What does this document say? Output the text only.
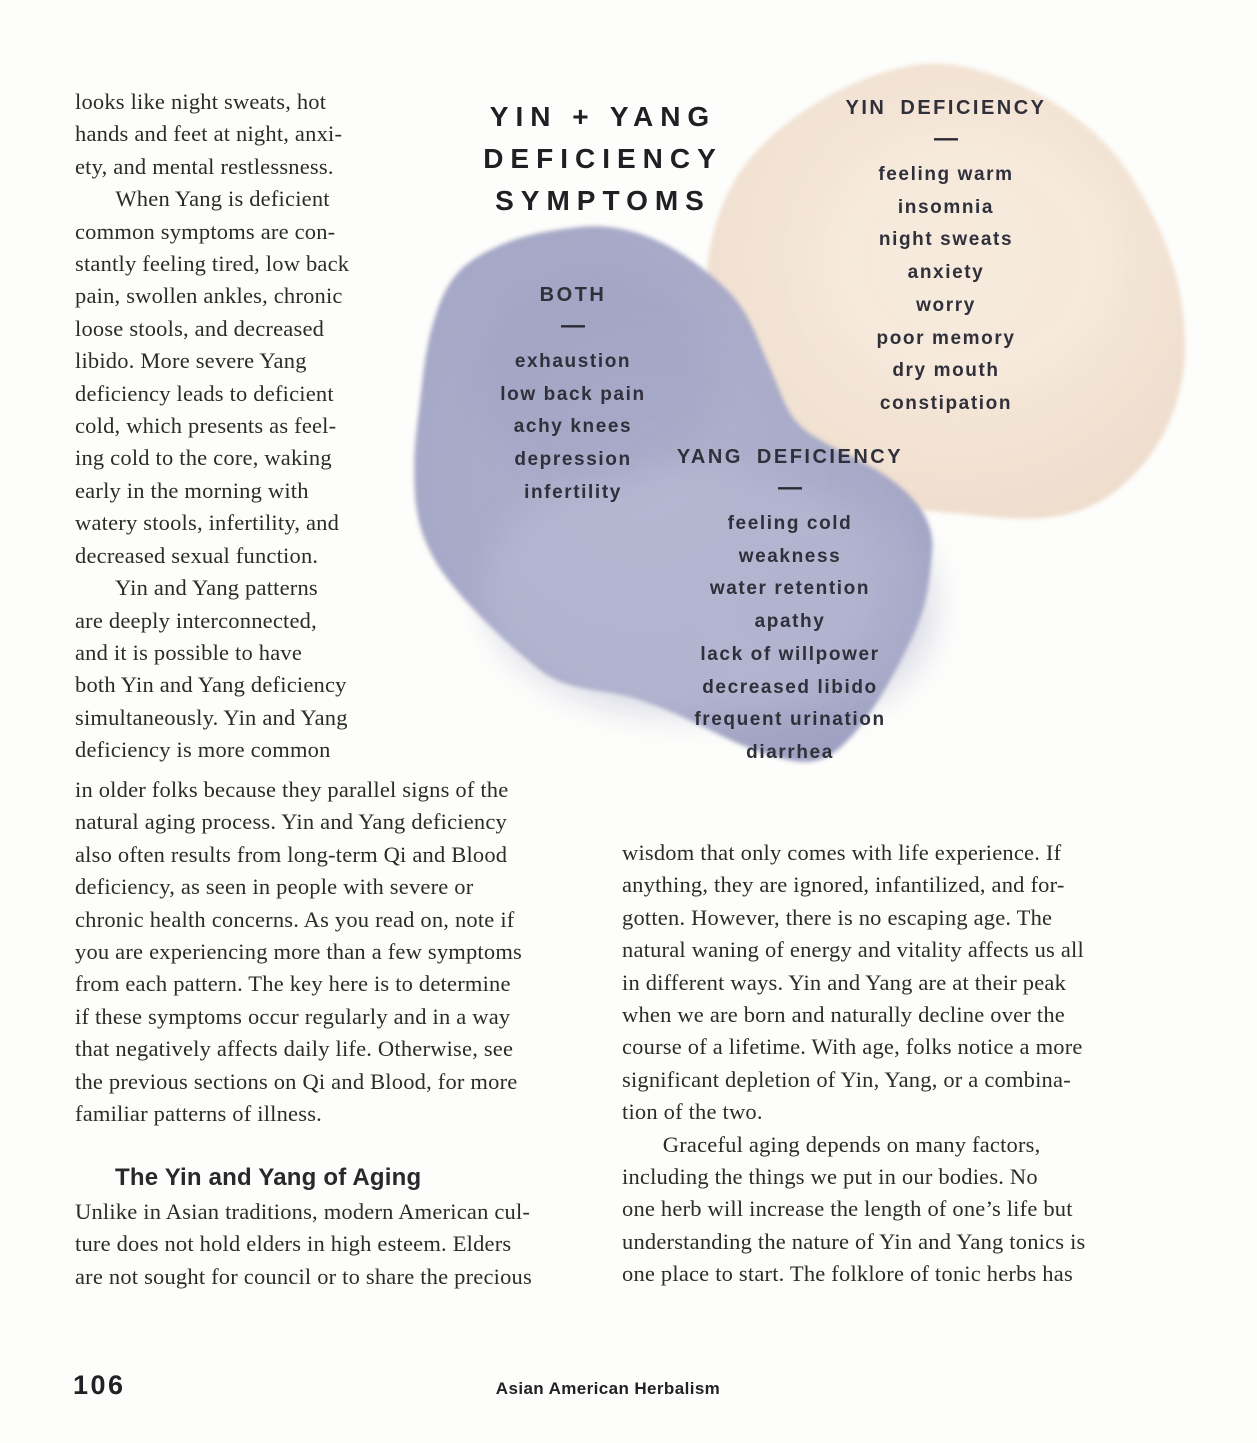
YIN + YANG
DEFICIENCY
SYMPTOMS
YIN DEFICIENCY
—
feeling warm
insomnia
night sweats
anxiety
worry
poor memory
dry mouth
constipation
BOTH
—
exhaustion
low back pain
achy knees
depression
infertility
YANG DEFICIENCY
—
feeling cold
weakness
water retention
apathy
lack of willpower
decreased libido
frequent urination
diarrhea
looks like night sweats, hot
hands and feet at night, anxi-
ety, and mental restlessness.
When Yang is deficient
common symptoms are con-
stantly feeling tired, low back
pain, swollen ankles, chronic
loose stools, and decreased
libido. More severe Yang
deficiency leads to deficient
cold, which presents as feel-
ing cold to the core, waking
early in the morning with
watery stools, infertility, and
decreased sexual function.
Yin and Yang patterns
are deeply interconnected,
and it is possible to have
both Yin and Yang deficiency
simultaneously. Yin and Yang
deficiency is more common
in older folks because they parallel signs of the
natural aging process. Yin and Yang deficiency
also often results from long-term Qi and Blood
deficiency, as seen in people with severe or
chronic health concerns. As you read on, note if
you are experiencing more than a few symptoms
from each pattern. The key here is to determine
if these symptoms occur regularly and in a way
that negatively affects daily life. Otherwise, see
the previous sections on Qi and Blood, for more
familiar patterns of illness.
The Yin and Yang of Aging
Unlike in Asian traditions, modern American cul-
ture does not hold elders in high esteem. Elders
are not sought for council or to share the precious
wisdom that only comes with life experience. If
anything, they are ignored, infantilized, and for-
gotten. However, there is no escaping age. The
natural waning of energy and vitality affects us all
in different ways. Yin and Yang are at their peak
when we are born and naturally decline over the
course of a lifetime. With age, folks notice a more
significant depletion of Yin, Yang, or a combina-
tion of the two.
Graceful aging depends on many factors,
including the things we put in our bodies. No
one herb will increase the length of one’s life but
understanding the nature of Yin and Yang tonics is
one place to start. The folklore of tonic herbs has
106	Asian American Herbalism
